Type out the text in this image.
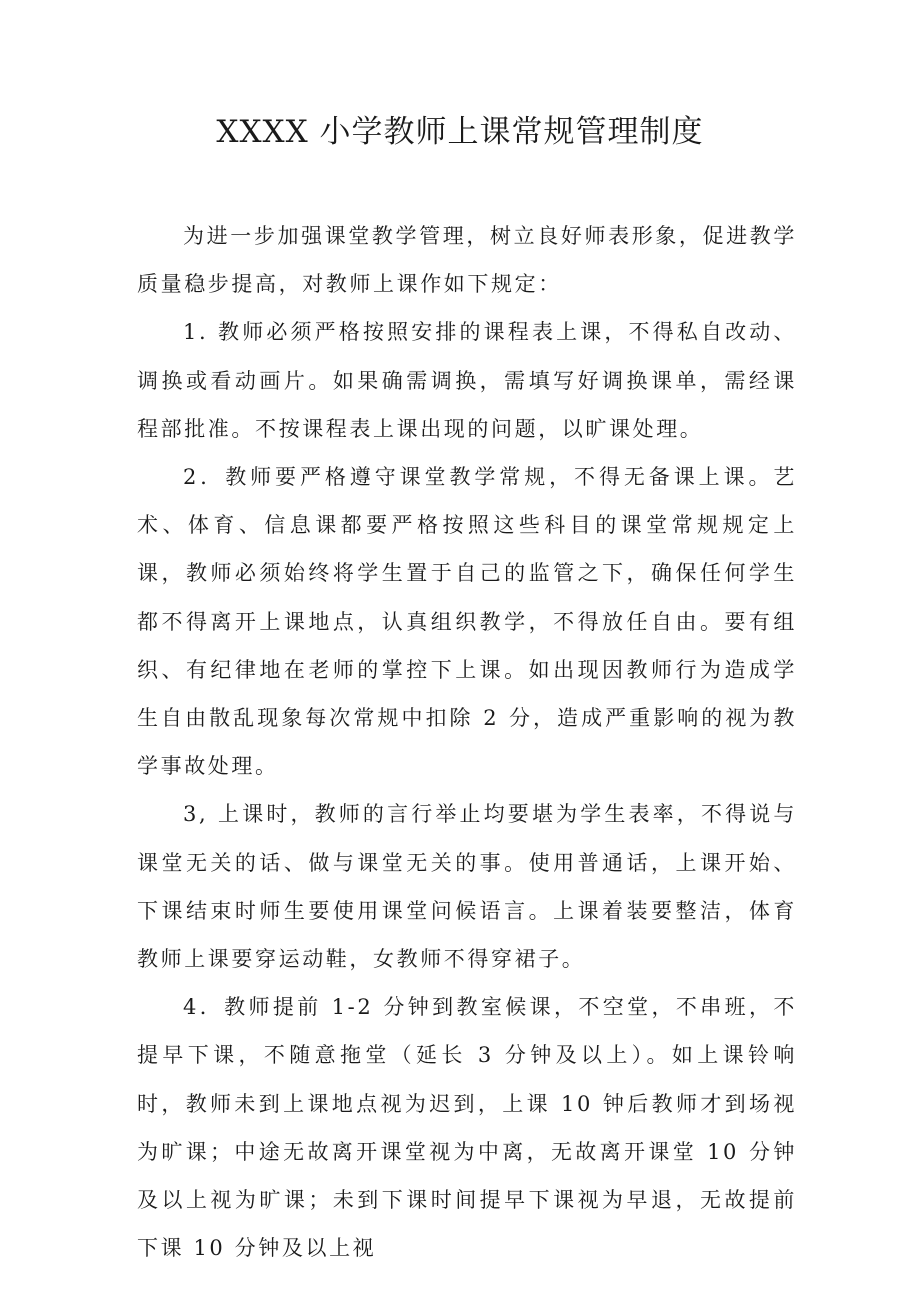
XXXX 小学教师上课常规管理制度

为进一步加强课堂教学管理，树立良好师表形象，促进教学质量稳步提高，对教师上课作如下规定：

1. 教师必须严格按照安排的课程表上课，不得私自改动、调换或看动画片。如果确需调换，需填写好调换课单，需经课程部批准。不按课程表上课出现的问题，以旷课处理。

2．教师要严格遵守课堂教学常规，不得无备课上课。艺术、体育、信息课都要严格按照这些科目的课堂常规规定上课，教师必须始终将学生置于自己的监管之下，确保任何学生都不得离开上课地点，认真组织教学，不得放任自由。要有组织、有纪律地在老师的掌控下上课。如出现因教师行为造成学生自由散乱现象每次常规中扣除 2 分，造成严重影响的视为教学事故处理。

3, 上课时，教师的言行举止均要堪为学生表率，不得说与课堂无关的话、做与课堂无关的事。使用普通话，上课开始、下课结束时师生要使用课堂问候语言。上课着装要整洁，体育教师上课要穿运动鞋，女教师不得穿裙子。

4．教师提前 1-2 分钟到教室候课，不空堂，不串班，不提早下课，不随意拖堂（延长 3 分钟及以上）。如上课铃响时，教师未到上课地点视为迟到，上课 10 钟后教师才到场视为旷课；中途无故离开课堂视为中离，无故离开课堂 10 分钟及以上视为旷课；未到下课时间提早下课视为早退，无故提前下课 10 分钟及以上视
